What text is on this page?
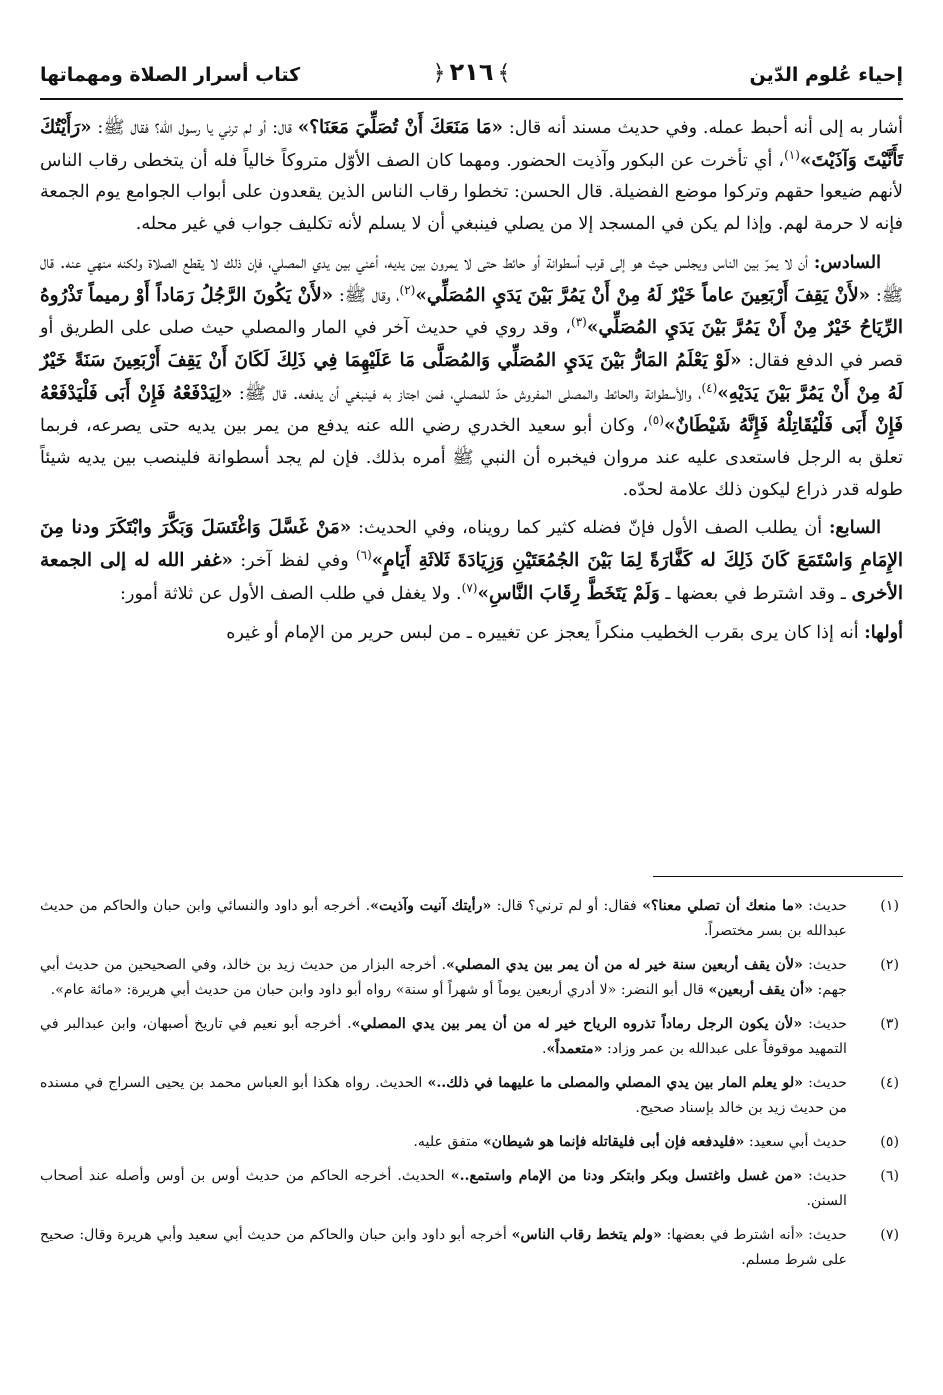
إحياء عُلوم الدّين
﴾٢١٦﴿
كتاب أسرار الصلاة ومهماتها

أشار به إلى أنه أحبط عمله. وفي حديث مسند أنه قال: «مَا مَنَعَكَ أَنْ تُصَلِّيَ مَعَنَا؟» قال: أو لم ترني يا رسول الله؟ فقال ﷺ: «رَأَيْتُكَ تَأَنَّيْتَ وَآذَيْتَ»$^{(١)}$، أي تأخرت عن البكور وآذيت الحضور. ومهما كان الصف الأوّل متروكاً خالياً فله أن يتخطى رقاب الناس لأنهم ضيعوا حقهم وتركوا موضع الفضيلة. قال الحسن: تخطوا رقاب الناس الذين يقعدون على أبواب الجوامع يوم الجمعة فإنه لا حرمة لهم. وإذا لم يكن في المسجد إلا من يصلي فينبغي أن لا يسلم لأنه تكليف جواب في غير محله.

السادس: أن لا يمرّ بين الناس ويجلس حيث هو إلى قرب أسطوانة أو حائط حتى لا يمرون بين يديه، أعني بين يدي المصلي، فإن ذلك لا يقطع الصلاة ولكنه منهي عنه. قال ﷺ: «لأَنْ يَقِفَ أَرْبَعِينَ عاماً خَيْرٌ لَهُ مِنْ أَنْ يَمُرَّ بَيْنَ يَدَيِ المُصَلِّي»$^{(٢)}$، وقال ﷺ: «لأَنْ يَكُونَ الرَّجُلُ رَمَاداً أَوْ رميماً تَذْرُوهُ الرِّيَاحُ خَيْرٌ مِنْ أَنْ يَمُرَّ بَيْنَ يَدَيِ المُصَلِّي»$^{(٣)}$، وقد روي في حديث آخر في المار والمصلي حيث صلى على الطريق أو قصر في الدفع فقال: «لَوْ يَعْلَمُ المَارُّ بَيْنَ يَدَيِ المُصَلِّي وَالمُصَلَّى مَا عَلَيْهِمَا فِي ذَلِكَ لَكَانَ أَنْ يَقِفَ أَرْبَعِينَ سَنَةً خَيْرٌ لَهُ مِنْ أَنْ يَمُرَّ بَيْنَ يَدَيْهِ»$^{(٤)}$، والأسطوانة والحائط والمصلى المفروش حدّ للمصلي، فمن اجتاز به فينبغي أن يدفعه. قال ﷺ: «لِيَدْفَعْهُ فَإِنْ أَبَى فَلْيَدْفَعْهُ فَإِنْ أَبَى فَلْيُقَاتِلْهُ فَإِنَّهُ شَيْطَانٌ»$^{(٥)}$، وكان أبو سعيد الخدري رضي الله عنه يدفع من يمر بين يديه حتى يصرعه، فربما تعلق به الرجل فاستعدى عليه عند مروان فيخبره أن النبي ﷺ أمره بذلك. فإن لم يجد أسطوانة فلينصب بين يديه شيئاً طوله قدر ذراع ليكون ذلك علامة لحدّه.

السابع: أن يطلب الصف الأول فإنّ فضله كثير كما رويناه، وفي الحديث: «مَنْ غَسَّلَ وَاغْتَسَلَ وَبَكَّرَ وابْتَكَرَ ودنا مِنَ الإِمَامِ وَاسْتَمَعَ كَانَ ذَلِكَ له كَفَّارَةً لِمَا بَيْنَ الجُمُعَتَيْنِ وَزِيَادَةَ ثَلاثَةِ أَيَامٍ»$^{(٦)}$ وفي لفظ آخر: «غفر الله له إلى الجمعة الأخرى ـ وقد اشترط في بعضها ـ وَلَمْ يَتَخَطَّ رِقَابَ النَّاسِ»$^{(٧)}$. ولا يغفل في طلب الصف الأول عن ثلاثة أمور:

أولها: أنه إذا كان يرى بقرب الخطيب منكراً يعجز عن تغييره ـ من لبس حرير من الإمام أو غيره

(١)
حديث: «ما منعك أن تصلي معنا؟» فقال: أو لم ترني؟ قال: «رأيتك آنيت وآذيت». أخرجه أبو داود والنسائي وابن حبان والحاكم من حديث عبدالله بن بسر مختصراً.
(٢)
حديث: «لأن يقف أربعين سنة خير له من أن يمر بين يدي المصلي». أخرجه البزار من حديث زيد بن خالد، وفي الصحيحين من حديث أبي جهم: «أن يقف أربعين» قال أبو النضر: «لا أدري أربعين يوماً أو شهراً أو سنة» رواه أبو داود وابن حبان من حديث أبي هريرة: «مائة عام».
(٣)
حديث: «لأن يكون الرجل رماداً تذروه الرياح خير له من أن يمر بين يدي المصلي». أخرجه أبو نعيم في تاريخ أصبهان، وابن عبدالبر في التمهيد موقوفاً على عبدالله بن عمر وزاد: «متعمداً».
(٤)
حديث: «لو يعلم المار بين يدي المصلي والمصلى ما عليهما في ذلك..» الحديث. رواه هكذا أبو العباس محمد بن يحيى السراج في مسنده من حديث زيد بن خالد بإسناد صحيح.
(٥)
حديث أبي سعيد: «فليدفعه فإن أبى فليقاتله فإنما هو شيطان» متفق عليه.
(٦)
حديث: «من غسل واغتسل وبكر وابتكر ودنا من الإمام واستمع..» الحديث. أخرجه الحاكم من حديث أوس بن أوس وأصله عند أصحاب السنن.
(٧)
حديث: «أنه اشترط في بعضها: «ولم يتخط رقاب الناس» أخرجه أبو داود وابن حبان والحاكم من حديث أبي سعيد وأبي هريرة وقال: صحيح على شرط مسلم.
